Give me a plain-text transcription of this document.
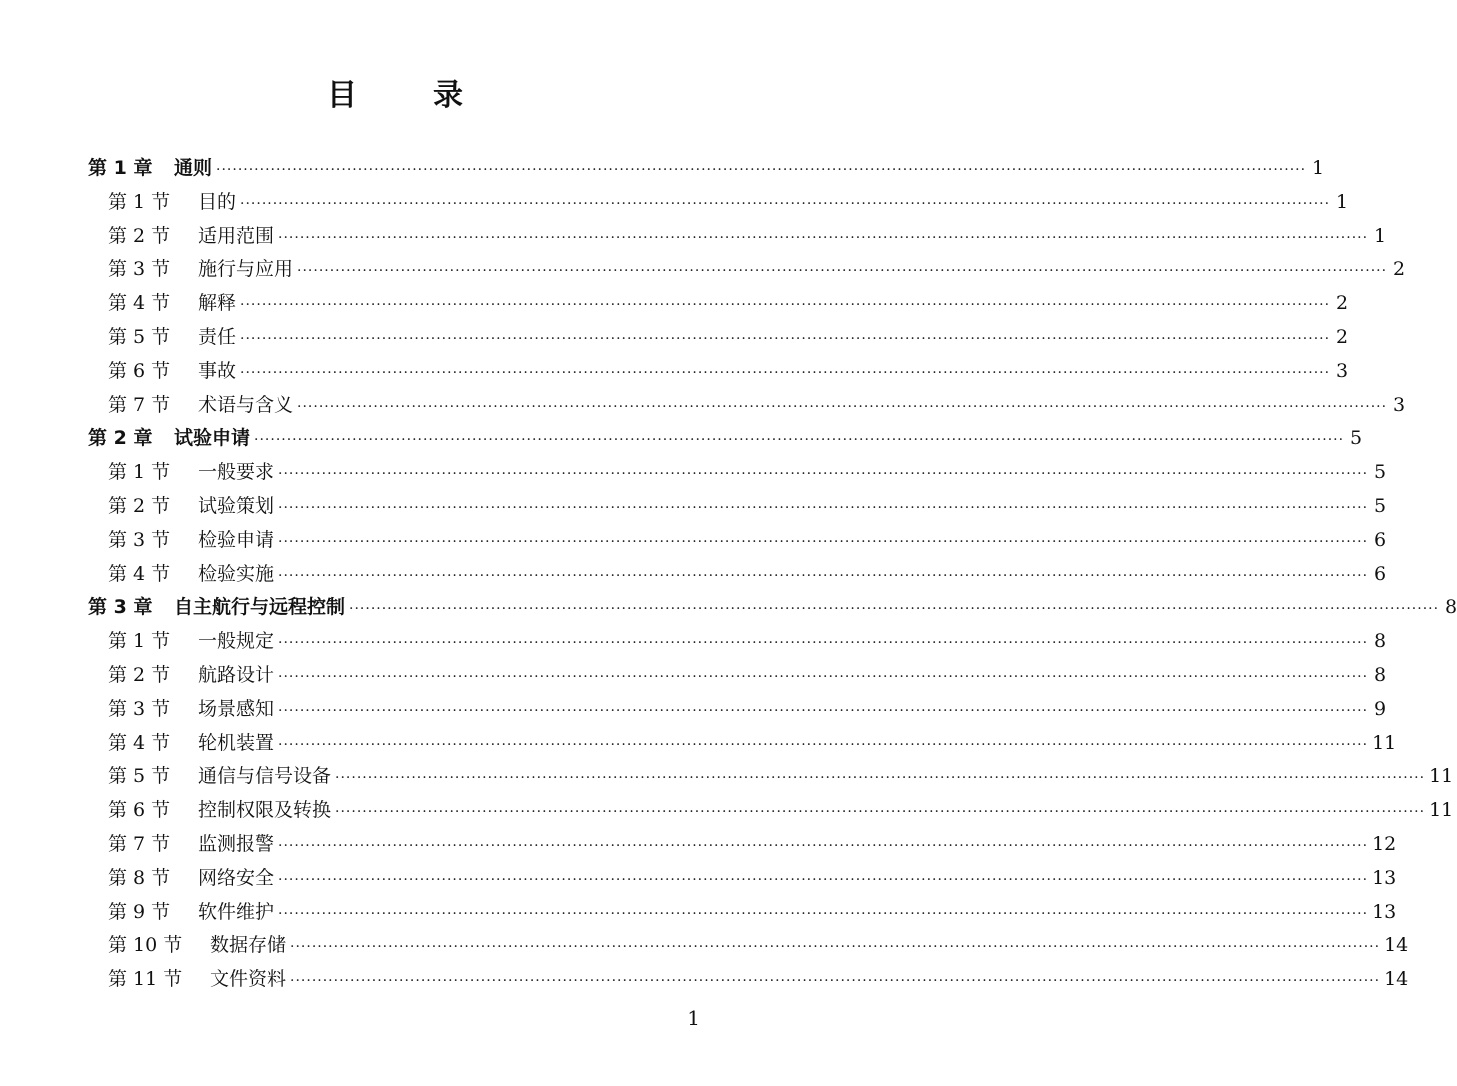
目	录
第 1 章 通则 ········································································································································································································ 1
第 1 节 目的 ········································································································································································································ 1
第 2 节 适用范围 ········································································································································································································ 1
第 3 节 施行与应用 ········································································································································································································ 2
第 4 节 解释 ········································································································································································································ 2
第 5 节 责任 ········································································································································································································ 2
第 6 节 事故 ········································································································································································································ 3
第 7 节 术语与含义 ········································································································································································································ 3
第 2 章 试验申请 ········································································································································································································ 5
第 1 节 一般要求 ········································································································································································································ 5
第 2 节 试验策划 ········································································································································································································ 5
第 3 节 检验申请 ········································································································································································································ 6
第 4 节 检验实施 ········································································································································································································ 6
第 3 章 自主航行与远程控制 ········································································································································································································ 8
第 1 节 一般规定 ········································································································································································································ 8
第 2 节 航路设计 ········································································································································································································ 8
第 3 节 场景感知 ········································································································································································································ 9
第 4 节 轮机装置 ········································································································································································································ 11
第 5 节 通信与信号设备 ········································································································································································································ 11
第 6 节 控制权限及转换 ········································································································································································································ 11
第 7 节 监测报警 ········································································································································································································ 12
第 8 节 网络安全 ········································································································································································································ 13
第 9 节 软件维护 ········································································································································································································ 13
第 10 节 数据存储 ········································································································································································································ 14
第 11 节 文件资料 ········································································································································································································ 14
1
